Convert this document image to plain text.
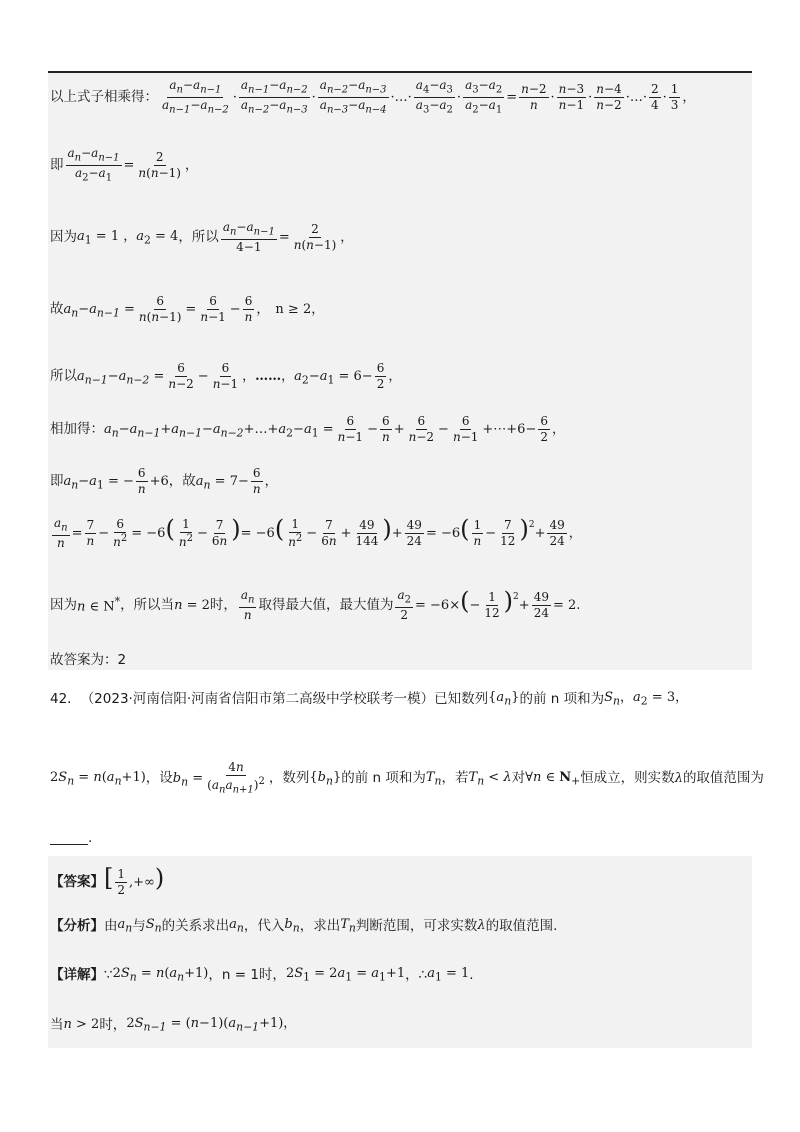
以上式子相乘得： $\frac{a_n-a_{n-1}}{a_{n-1}-a_{n-2}} \cdot \frac{a_{n-1}-a_{n-2}}{a_{n-2}-a_{n-3}} \cdot \frac{a_{n-2}-a_{n-3}}{a_{n-3}-a_{n-4}}$ ·…· $\frac{a_4-a_3}{a_3-a_2} \cdot \frac{a_3-a_2}{a_2-a_1} = \frac{n-2}{n} \cdot \frac{n-3}{n-1} \cdot \frac{n-4}{n-2}$ ·…· $\frac{2}{4} \cdot \frac{1}{3}$ ，
即 $\frac{a_n-a_{n-1}}{a_2-a_1} = \frac{2}{n(n-1)}$ ，
因为 $a_1 = 1$ ，$a_2 = 4$ ，所以 $\frac{a_n-a_{n-1}}{4-1} = \frac{2}{n(n-1)}$ ，
故 $a_n-a_{n-1} = \frac{6}{n(n-1)} = \frac{6}{n-1} - \frac{6}{n}$ ， n ≥ 2 ，
所以 $a_{n-1}-a_{n-2} = \frac{6}{n-2} - \frac{6}{n-1}$ ，……，$a_2-a_1 = 6- \frac{6}{2}$ ，
相加得： $a_n-a_{n-1}+a_{n-1}-a_{n-2}+\dots+a_2-a_1 = \frac{6}{n-1} - \frac{6}{n} + \frac{6}{n-2} - \frac{6}{n-1}$ +⋯+6− $\frac{6}{2}$ ，
即 $a_n-a_1$ = − $\frac{6}{n} +6$ ，故 $a_n = 7- \frac{6}{n}$ ，
$\frac{a_n}{n} = \frac{7}{n} - \frac{6}{n^2} = -6( \frac{1}{n^2} - \frac{7}{6n}$ )= $-6( \frac{1}{n^2} - \frac{7}{6n} + \frac{49}{144}$ )+ $\frac{49}{24} = -6( \frac{1}{n} - \frac{7}{12} )^2+ \frac{49}{24}$ ，
因为 n ∈ N* ，所以当 n = 2 时， $\frac{a_n}{n}$ 取得最大值，最大值为 $\frac{a_2}{2} = -6\times(- \frac{1}{12} )^2+ \frac{49}{24} = 2$.
故答案为：2
42． （2023·河南信阳·河南省信阳市第二高级中学校联考一模） 已知数列 $\{a_n\}$ 的前 n 项和为 $S_n$，$a_2 = 3$，
$2S_n = n(a_n+1)$ ，设 $b_n = \frac{4n}{(a_na_{n+1})^2}$ ，数列 $\{b_n\}$ 的前 n 项和为 $T_n$ ，若 $T_n < \lambda$ 对 ∀n ∈ $N_+$ 恒成立，则实数 λ 的取值范围为
.
【答案】 [ $\frac{1}{2}$ ,+∞)
【分析】 由 $a_n$ 与 $S_n$ 的关系求出 $a_n$ ，代入 $b_n$ ，求出 $T_n$ 判断范围，可求实数 λ 的取值范围.
【详解】 ∵ $2S_n = n(a_n+1)$ ，n = 1时， $2S_1 = 2a_1 = a_1+1$ ，∴ $a_1 = 1$ .
当 n > 2 时， $2S_{n-1} = (n-1)(a_{n-1}+1)$，
